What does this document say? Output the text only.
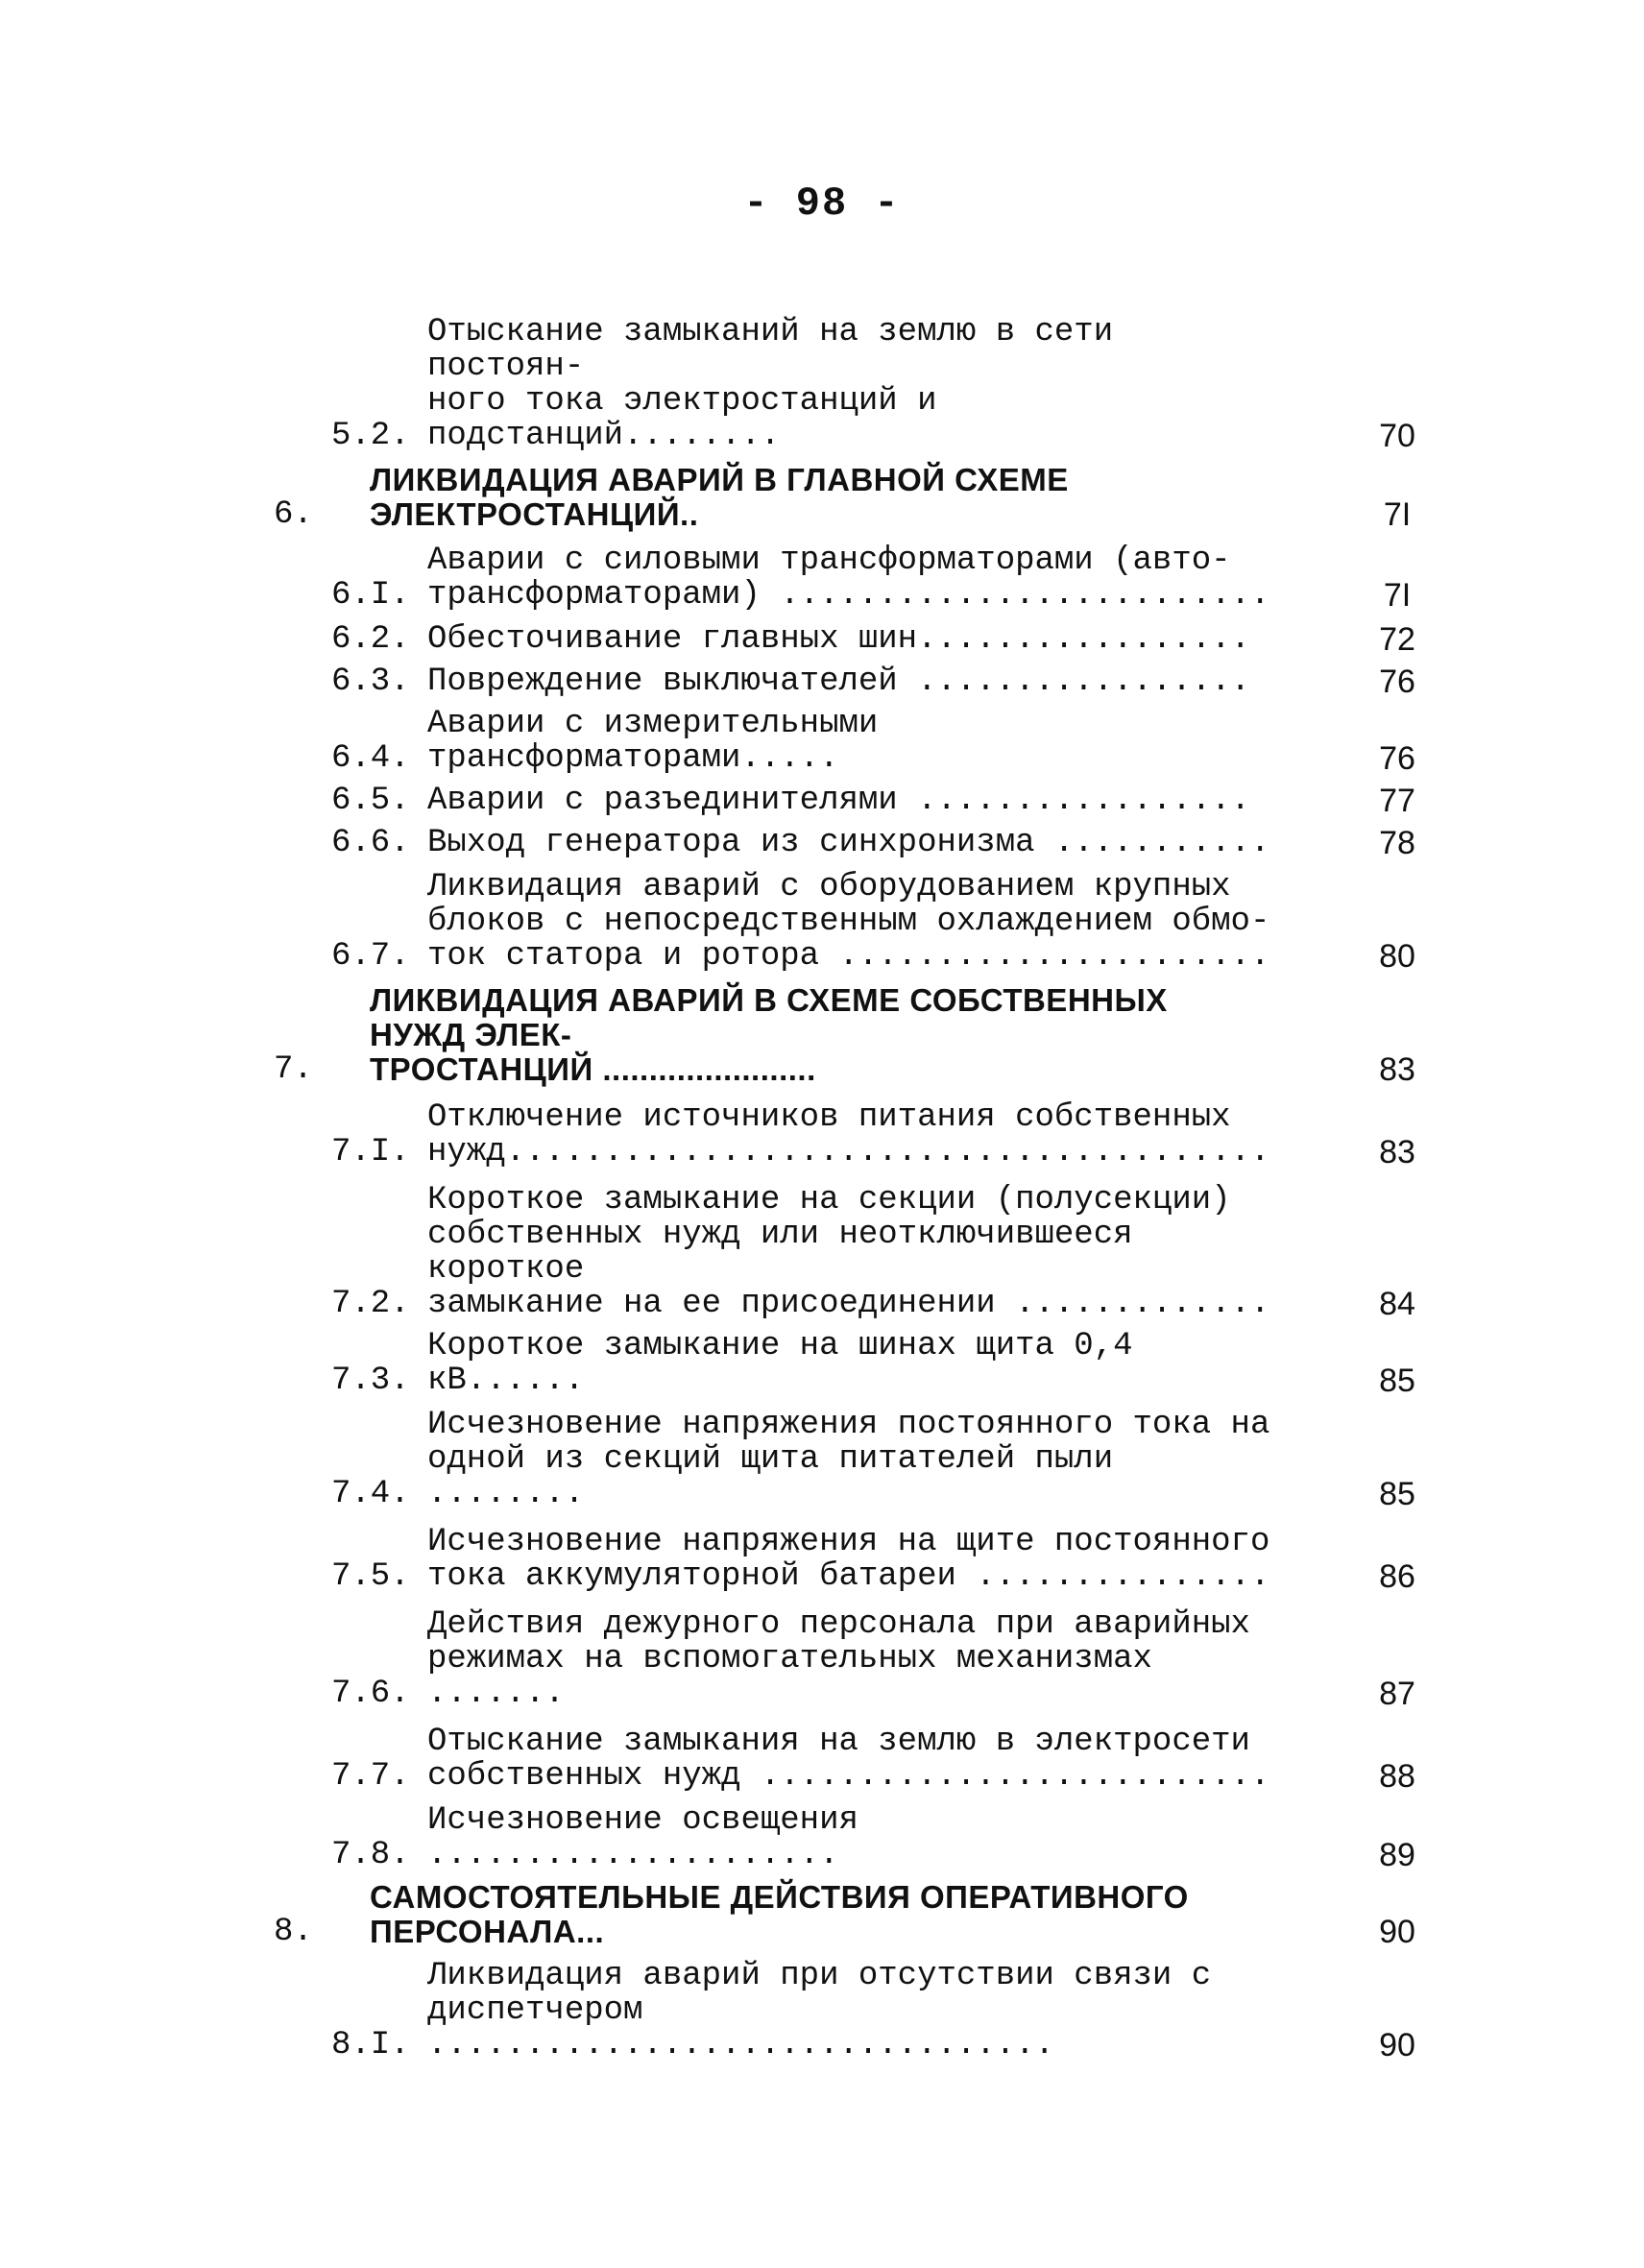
- 98 -
5.2.
Отыскание замыканий на землю в сети постоян-
ного тока электростанций и подстанций........	70
6.
ЛИКВИДАЦИЯ АВАРИЙ В ГЛАВНОЙ СХЕМЕ ЭЛЕКТРОСТАНЦИЙ..	7I
6.I.
Аварии с силовыми трансформаторами (авто-
трансформаторами) .........................	7I
6.2. Обесточивание главных шин.................	72
6.3. Повреждение выключателей .................	76
6.4.
Аварии с измерительными трансформаторами.....	76
6.5. Аварии с разъединителями .................	77
6.6. Выход генератора из синхронизма ...........	78
6.7.
Ликвидация аварий с оборудованием крупных
блоков с непосредственным охлаждением обмо-
ток статора и ротора ......................	80
7.
ЛИКВИДАЦИЯ АВАРИЙ В СХЕМЕ СОБСТВЕННЫХ НУЖД ЭЛЕК-
ТРОСТАНЦИЙ .......................	83
7.I.
Отключение источников питания собственных
нужд.......................................	83
7.2.
Короткое замыкание на секции (полусекции)
собственных нужд или неотключившееся короткое
замыкание на ее присоединении .............	84
7.3.
Короткое замыкание на шинах щита 0,4 кВ......	85
7.4.
Исчезновение напряжения постоянного тока на
одной из секций щита питателей пыли ........	85
7.5.
Исчезновение напряжения на щите постоянного
тока аккумуляторной батареи ...............	86
7.6.
Действия дежурного персонала при аварийных
режимах на вспомогательных механизмах .......	87
7.7.
Отыскание замыкания на землю в электросети
собственных нужд ..........................	88
7.8.
Исчезновение освещения .....................	89
8.
САМОСТОЯТЕЛЬНЫЕ ДЕЙСТВИЯ ОПЕРАТИВНОГО ПЕРСОНАЛА...	90
8.I.
Ликвидация аварий при отсутствии связи с
диспетчером ................................	90
